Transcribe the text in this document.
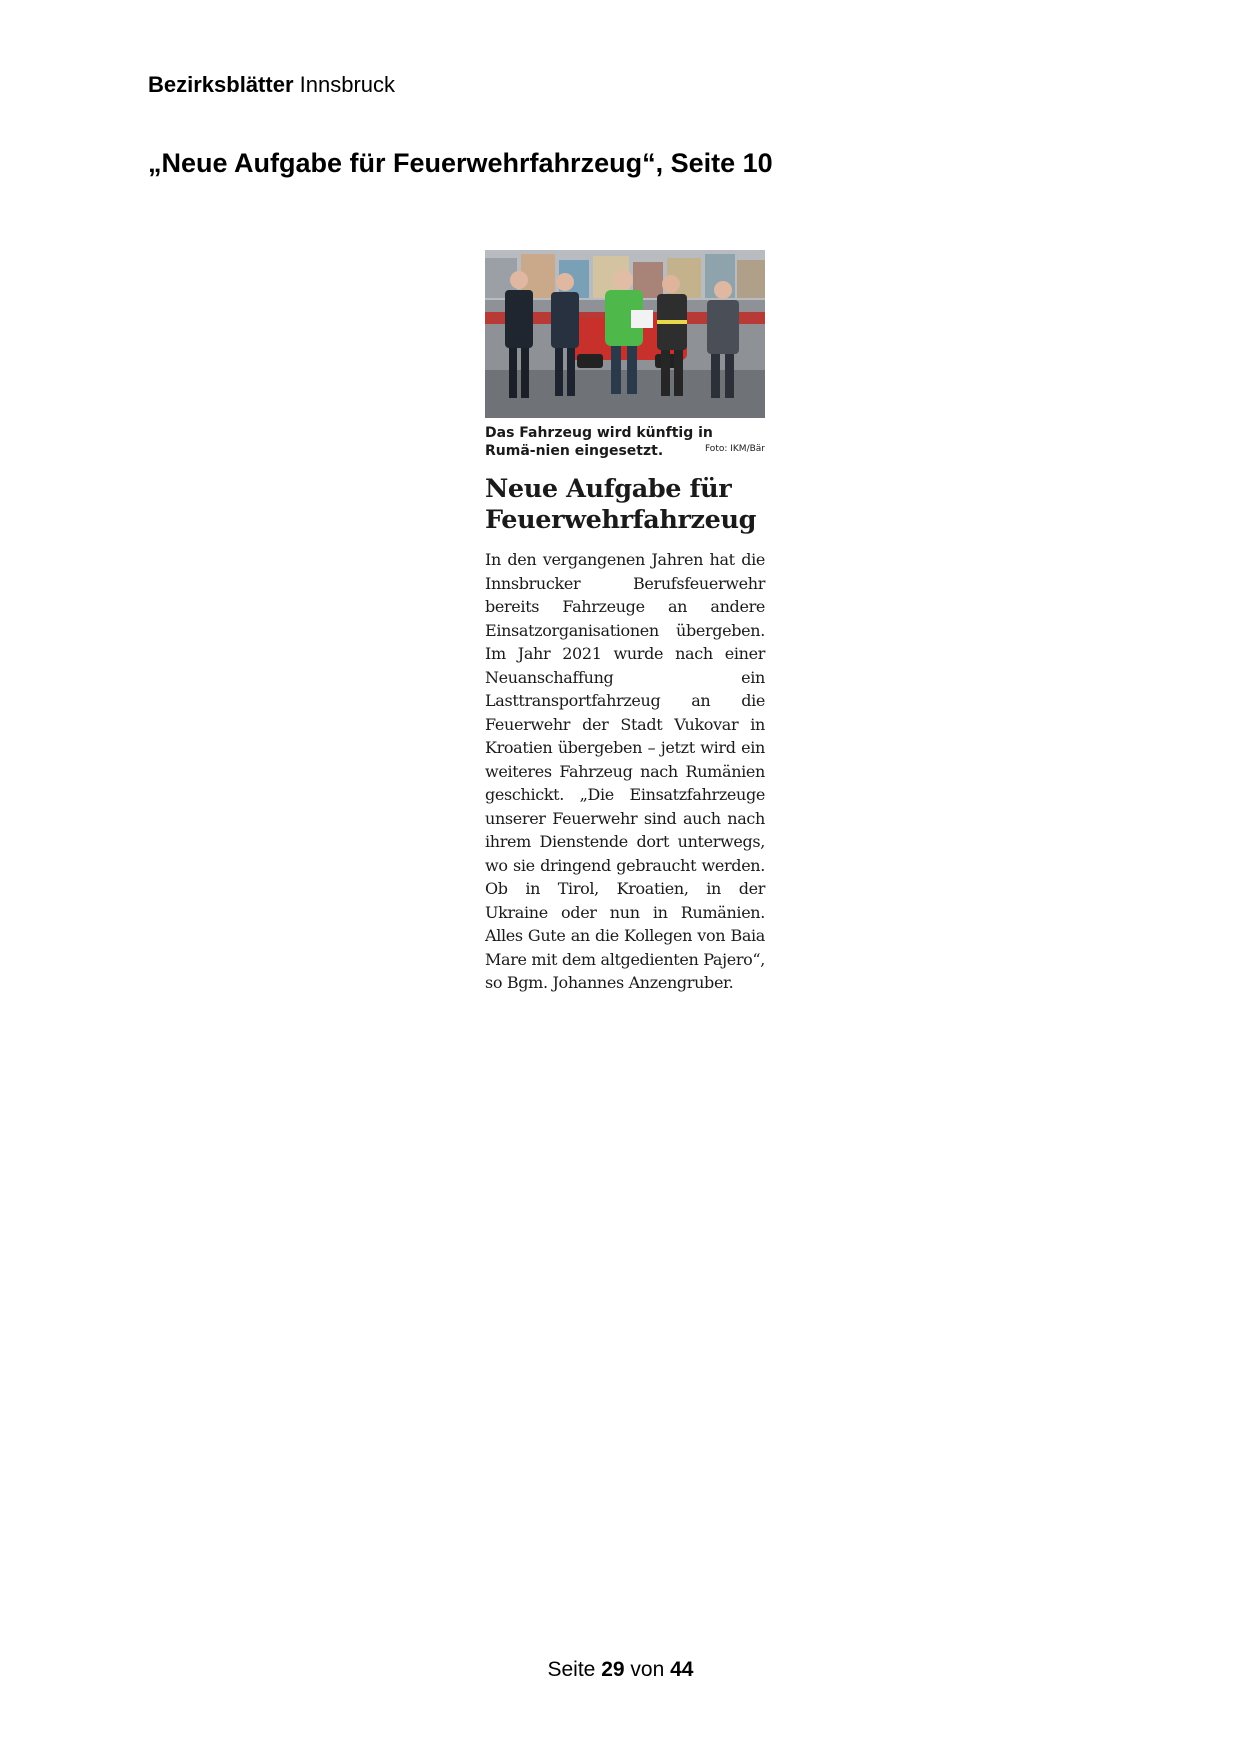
Bezirksblätter Innsbruck
„Neue Aufgabe für Feuerwehrfahrzeug“, Seite 10
Das Fahrzeug wird künftig in Rumä-nien eingesetzt.	Foto: IKM/Bär
Neue Aufgabe für Feuerwehrfahrzeug
In den vergangenen Jahren hat die Innsbrucker Berufsfeuerwehr bereits Fahrzeuge an andere Einsatzorganisationen übergeben. Im Jahr 2021 wurde nach einer Neuanschaffung ein Lasttransportfahrzeug an die Feuerwehr der Stadt Vukovar in Kroatien übergeben – jetzt wird ein weiteres Fahrzeug nach Rumänien geschickt. „Die Einsatzfahrzeuge unserer Feuerwehr sind auch nach ihrem Dienstende dort unterwegs, wo sie dringend gebraucht werden. Ob in Tirol, Kroatien, in der Ukraine oder nun in Rumänien. Alles Gute an die Kollegen von Baia Mare mit dem altgedienten Pajero“, so Bgm. Johannes Anzengruber.
Seite 29 von 44
